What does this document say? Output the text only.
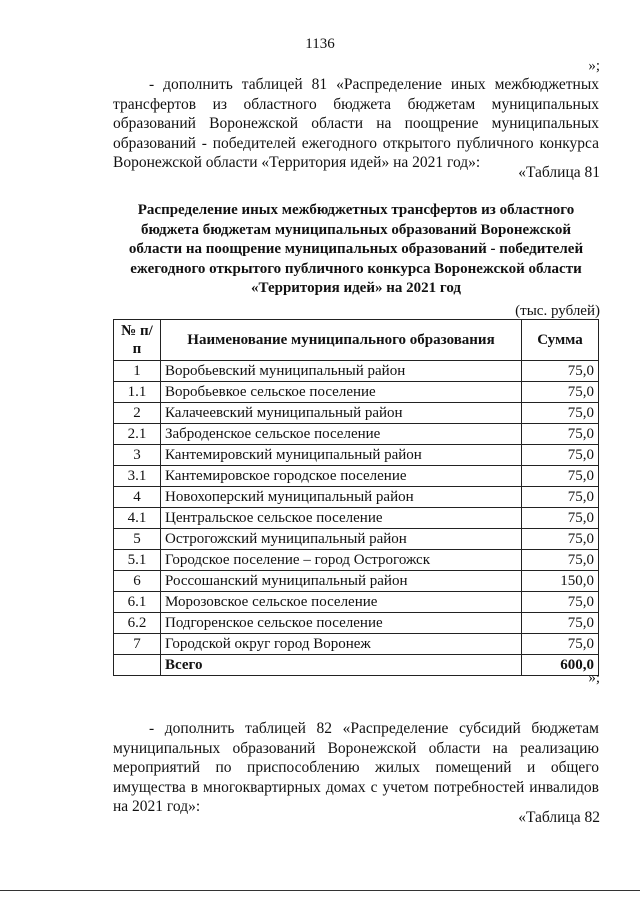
1136
»;

- дополнить таблицей 81 «Распределение иных межбюджетных трансфертов из областного бюджета бюджетам муниципальных образований Воронежской области на поощрение муниципальных образований - победителей ежегодного открытого публичного конкурса Воронежской области «Территория идей» на 2021 год»:

«Таблица 81

Распределение иных межбюджетных трансфертов из областного бюджета бюджетам муниципальных образований Воронежской области на поощрение муниципальных образований - победителей ежегодного открытого публичного конкурса Воронежской области «Территория идей» на 2021 год

(тыс. рублей)
№ п/п	Наименование муниципального образования	Сумма
1	Воробьевский муниципальный район	75,0
1.1	Воробьевкое сельское поселение	75,0
2	Калачеевский муниципальный район	75,0
2.1	Заброденское сельское поселение	75,0
3	Кантемировский муниципальный район	75,0
3.1	Кантемировское городское поселение	75,0
4	Новохоперский муниципальный район	75,0
4.1	Центральское сельское поселение	75,0
5	Острогожский муниципальный район	75,0
5.1	Городское поселение – город Острогожск	75,0
6	Россошанский муниципальный район	150,0
6.1	Морозовское сельское поселение	75,0
6.2	Подгоренское сельское поселение	75,0
7	Городской округ город Воронеж	75,0
	Всего	600,0
»;

- дополнить таблицей 82 «Распределение субсидий бюджетам муниципальных образований Воронежской области на реализацию мероприятий по приспособлению жилых помещений и общего имущества в многоквартирных домах с учетом потребностей инвалидов на 2021 год»:

«Таблица 82
